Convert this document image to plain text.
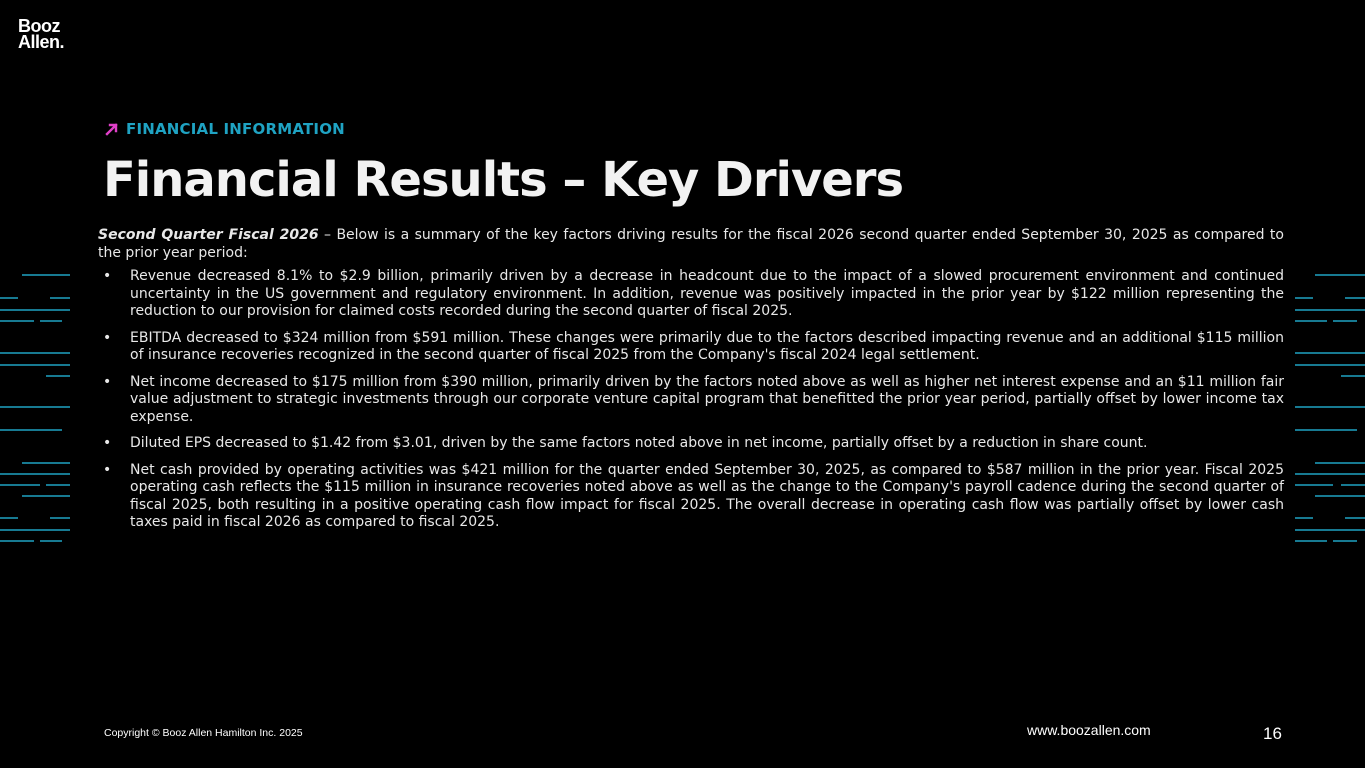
Booz
Allen.
FINANCIAL INFORMATION
Financial Results – Key Drivers

Second Quarter Fiscal 2026 – Below is a summary of the key factors driving results for the fiscal 2026 second quarter ended September 30, 2025 as compared to the prior year period:

• Revenue decreased 8.1% to $2.9 billion, primarily driven by a decrease in headcount due to the impact of a slowed procurement environment and continued uncertainty in the US government and regulatory environment. In addition, revenue was positively impacted in the prior year by $122 million representing the reduction to our provision for claimed costs recorded during the second quarter of fiscal 2025.
• EBITDA decreased to $324 million from $591 million. These changes were primarily due to the factors described impacting revenue and an additional $115 million of insurance recoveries recognized in the second quarter of fiscal 2025 from the Company's fiscal 2024 legal settlement.
• Net income decreased to $175 million from $390 million, primarily driven by the factors noted above as well as higher net interest expense and an $11 million fair value adjustment to strategic investments through our corporate venture capital program that benefitted the prior year period, partially offset by lower income tax expense.
• Diluted EPS decreased to $1.42 from $3.01, driven by the same factors noted above in net income, partially offset by a reduction in share count.
• Net cash provided by operating activities was $421 million for the quarter ended September 30, 2025, as compared to $587 million in the prior year. Fiscal 2025 operating cash reflects the $115 million in insurance recoveries noted above as well as the change to the Company's payroll cadence during the second quarter of fiscal 2025, both resulting in a positive operating cash flow impact for fiscal 2025. The overall decrease in operating cash flow was partially offset by lower cash taxes paid in fiscal 2026 as compared to fiscal 2025.
Copyright © Booz Allen Hamilton Inc. 2025	www.boozallen.com	16
